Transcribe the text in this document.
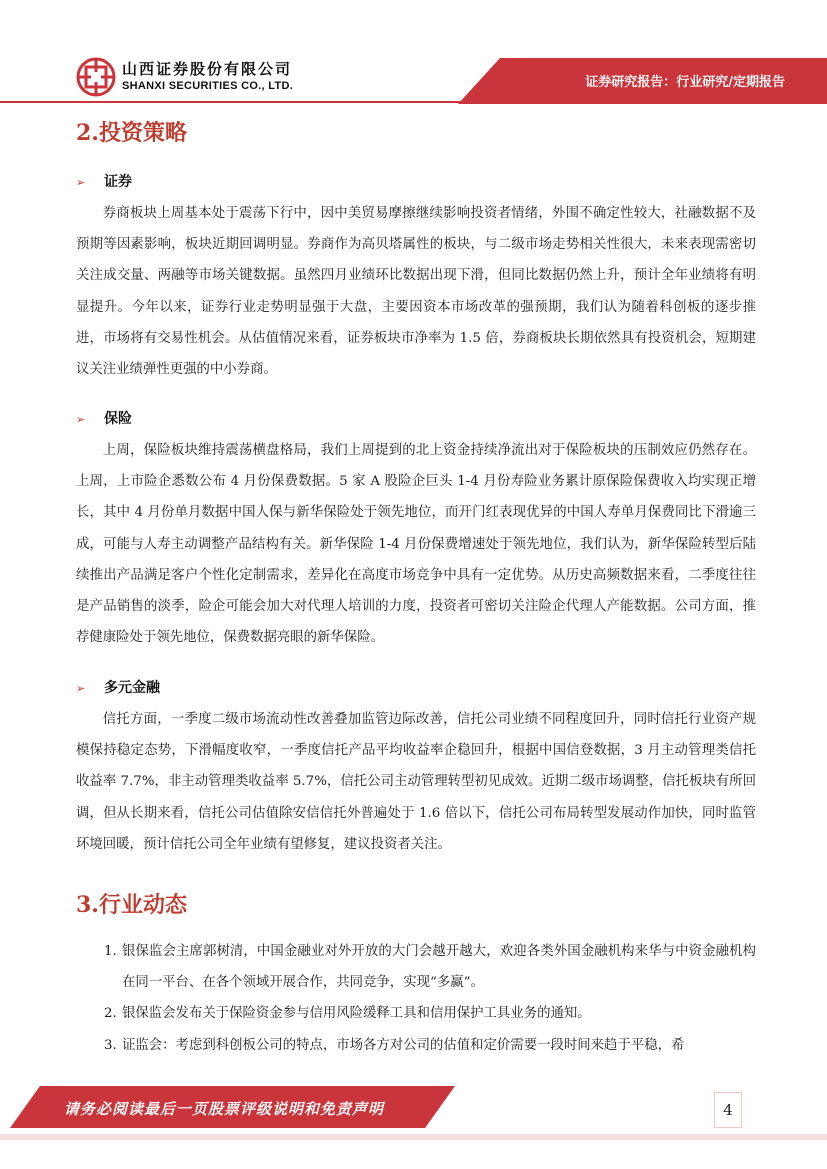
山西证券股份有限公司
SHANXI SECURITIES CO., LTD.	证券研究报告：行业研究/定期报告
2.投资策略
➢ 证券

券商板块上周基本处于震荡下行中，因中美贸易摩擦继续影响投资者情绪，外围不确定性较大，社融数据不及预期等因素影响，板块近期回调明显。券商作为高贝塔属性的板块，与二级市场走势相关性很大，未来表现需密切关注成交量、两融等市场关键数据。虽然四月业绩环比数据出现下滑，但同比数据仍然上升，预计全年业绩将有明显提升。今年以来，证券行业走势明显强于大盘，主要因资本市场改革的强预期，我们认为随着科创板的逐步推进，市场将有交易性机会。从估值情况来看，证券板块市净率为 1.5 倍，券商板块长期依然具有投资机会，短期建议关注业绩弹性更强的中小券商。

➢ 保险

上周，保险板块维持震荡横盘格局，我们上周提到的北上资金持续净流出对于保险板块的压制效应仍然存在。上周，上市险企悉数公布 4 月份保费数据。5 家 A 股险企巨头 1-4 月份寿险业务累计原保险保费收入均实现正增长，其中 4 月份单月数据中国人保与新华保险处于领先地位，而开门红表现优异的中国人寿单月保费同比下滑逾三成，可能与人寿主动调整产品结构有关。新华保险 1-4 月份保费增速处于领先地位，我们认为，新华保险转型后陆续推出产品满足客户个性化定制需求，差异化在高度市场竞争中具有一定优势。从历史高频数据来看，二季度往往是产品销售的淡季，险企可能会加大对代理人培训的力度，投资者可密切关注险企代理人产能数据。公司方面，推荐健康险处于领先地位，保费数据亮眼的新华保险。

➢ 多元金融

信托方面，一季度二级市场流动性改善叠加监管边际改善，信托公司业绩不同程度回升，同时信托行业资产规模保持稳定态势，下滑幅度收窄，一季度信托产品平均收益率企稳回升，根据中国信登数据，3 月主动管理类信托收益率 7.7%，非主动管理类收益率 5.7%，信托公司主动管理转型初见成效。近期二级市场调整，信托板块有所回调，但从长期来看，信托公司估值除安信信托外普遍处于 1.6 倍以下，信托公司布局转型发展动作加快，同时监管环境回暖，预计信托公司全年业绩有望修复，建议投资者关注。

3.行业动态
1. 银保监会主席郭树清，中国金融业对外开放的大门会越开越大，欢迎各类外国金融机构来华与中资金融机构在同一平台、在各个领域开展合作，共同竞争，实现“多赢”。
2. 银保监会发布关于保险资金参与信用风险缓释工具和信用保护工具业务的通知。
3. 证监会：考虑到科创板公司的特点，市场各方对公司的估值和定价需要一段时间来趋于平稳，希
请务必阅读最后一页股票评级说明和免责声明	4
